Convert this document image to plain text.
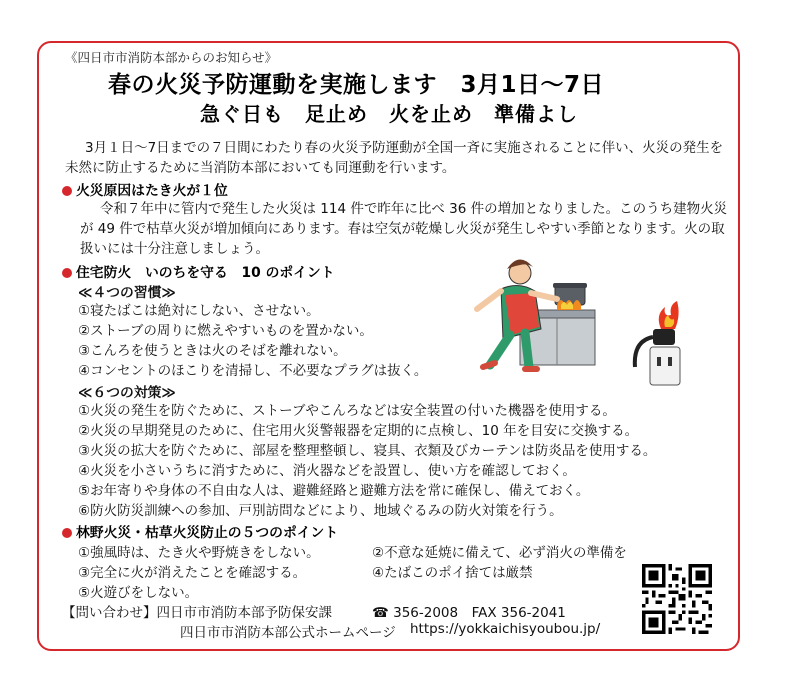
《四日市市消防本部からのお知らせ》
春の火災予防運動を実施します　3月1日～7日
急ぐ日も　足止め　火を止め　準備よし
3月１日～7日までの７日間にわたり春の火災予防運動が全国一斉に実施されることに伴い、火災の発生を未然に防止するために当消防本部においても同運動を行います。
火災原因はたき火が１位
令和７年中に管内で発生した火災は 114 件で昨年に比べ 36 件の増加となりました。このうち建物火災が 49 件で枯草火災が増加傾向にあります。春は空気が乾燥し火災が発生しやすい季節となります。火の取扱いには十分注意しましょう。
住宅防火　いのちを守る　10 のポイント
≪４つの習慣≫
①寝たばこは絶対にしない、させない。
②ストーブの周りに燃えやすいものを置かない。
③こんろを使うときは火のそばを離れない。
④コンセントのほこりを清掃し、不必要なプラグは抜く。
≪６つの対策≫
①火災の発生を防ぐために、ストーブやこんろなどは安全装置の付いた機器を使用する。
②火災の早期発見のために、住宅用火災警報器を定期的に点検し、10 年を目安に交換する。
③火災の拡大を防ぐために、部屋を整理整頓し、寝具、衣類及びカーテンは防炎品を使用する。
④火災を小さいうちに消すために、消火器などを設置し、使い方を確認しておく。
⑤お年寄りや身体の不自由な人は、避難経路と避難方法を常に確保し、備えておく。
⑥防火防災訓練への参加、戸別訪問などにより、地域ぐるみの防火対策を行う。
林野火災・枯草火災防止の５つのポイント
①強風時は、たき火や野焼きをしない。	②不意な延焼に備えて、必ず消火の準備を
③完全に火が消えたことを確認する。	④たばこのポイ捨ては厳禁
⑤火遊びをしない。
【問い合わせ】四日市市消防本部予防保安課	☎ 356-2008　FAX 356-2041
四日市市消防本部公式ホームページ https://yokkaichisyoubou.jp/
